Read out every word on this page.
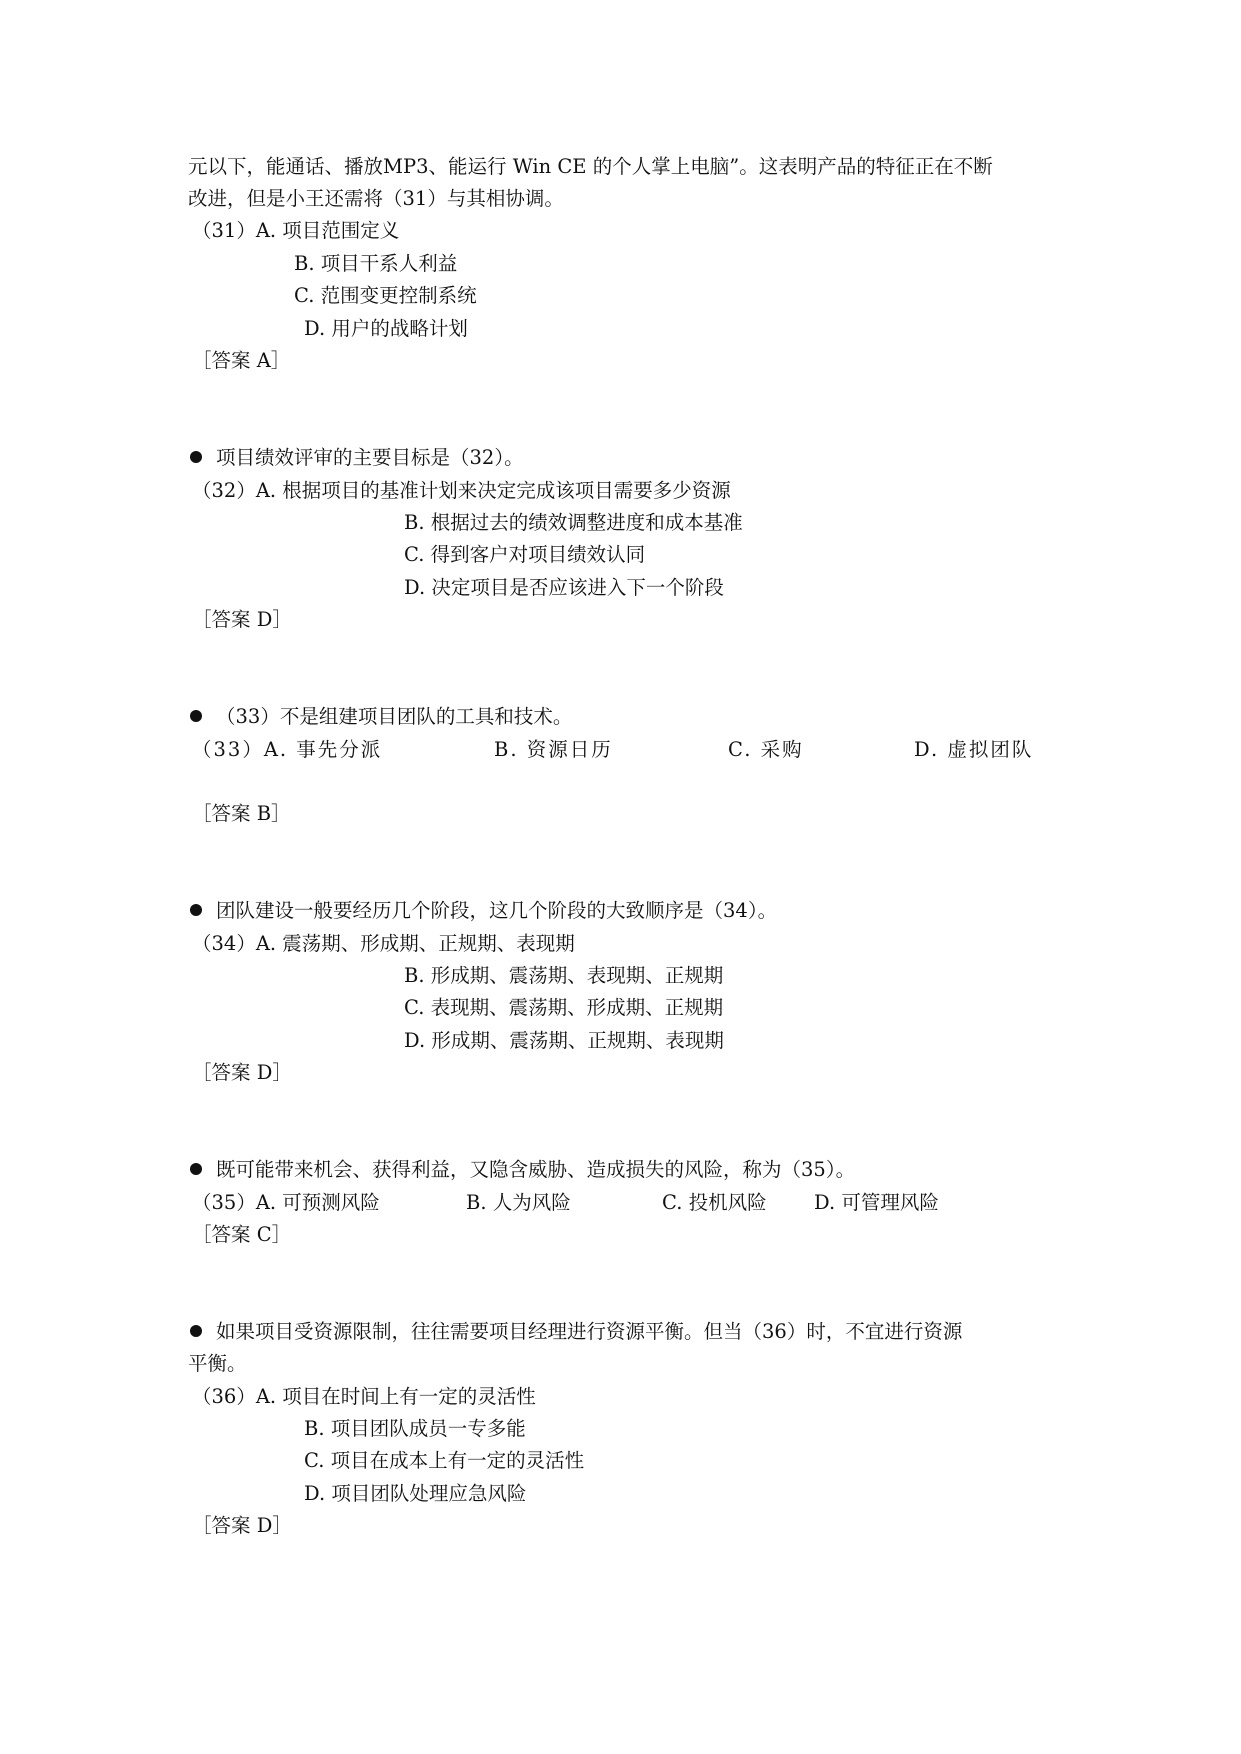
元以下，能通话、播放MP3、能运行 Win CE 的个人掌上电脑”。这表明产品的特征正在不断
改进，但是小王还需将（31）与其相协调。
（31）A. 项目范围定义
B. 项目干系人利益
C. 范围变更控制系统
D. 用户的战略计划
［答案 A］
项目绩效评审的主要目标是（32）。
（32）A. 根据项目的基准计划来决定完成该项目需要多少资源
B. 根据过去的绩效调整进度和成本基准
C. 得到客户对项目绩效认同
D. 决定项目是否应该进入下一个阶段
［答案 D］
（33）不是组建项目团队的工具和技术。
（33）A. 事先分派	B. 资源日历	C. 采购	D. 虚拟团队
［答案 B］
团队建设一般要经历几个阶段，这几个阶段的大致顺序是（34）。
（34）A. 震荡期、形成期、正规期、表现期
B. 形成期、震荡期、表现期、正规期
C. 表现期、震荡期、形成期、正规期
D. 形成期、震荡期、正规期、表现期
［答案 D］
既可能带来机会、获得利益，又隐含威胁、造成损失的风险，称为（35）。
（35）A. 可预测风险	B. 人为风险	C. 投机风险 D. 可管理风险
［答案 C］
如果项目受资源限制，往往需要项目经理进行资源平衡。但当（36）时，不宜进行资源
平衡。
（36）A. 项目在时间上有一定的灵活性
B. 项目团队成员一专多能
C. 项目在成本上有一定的灵活性
D. 项目团队处理应急风险
［答案 D］
